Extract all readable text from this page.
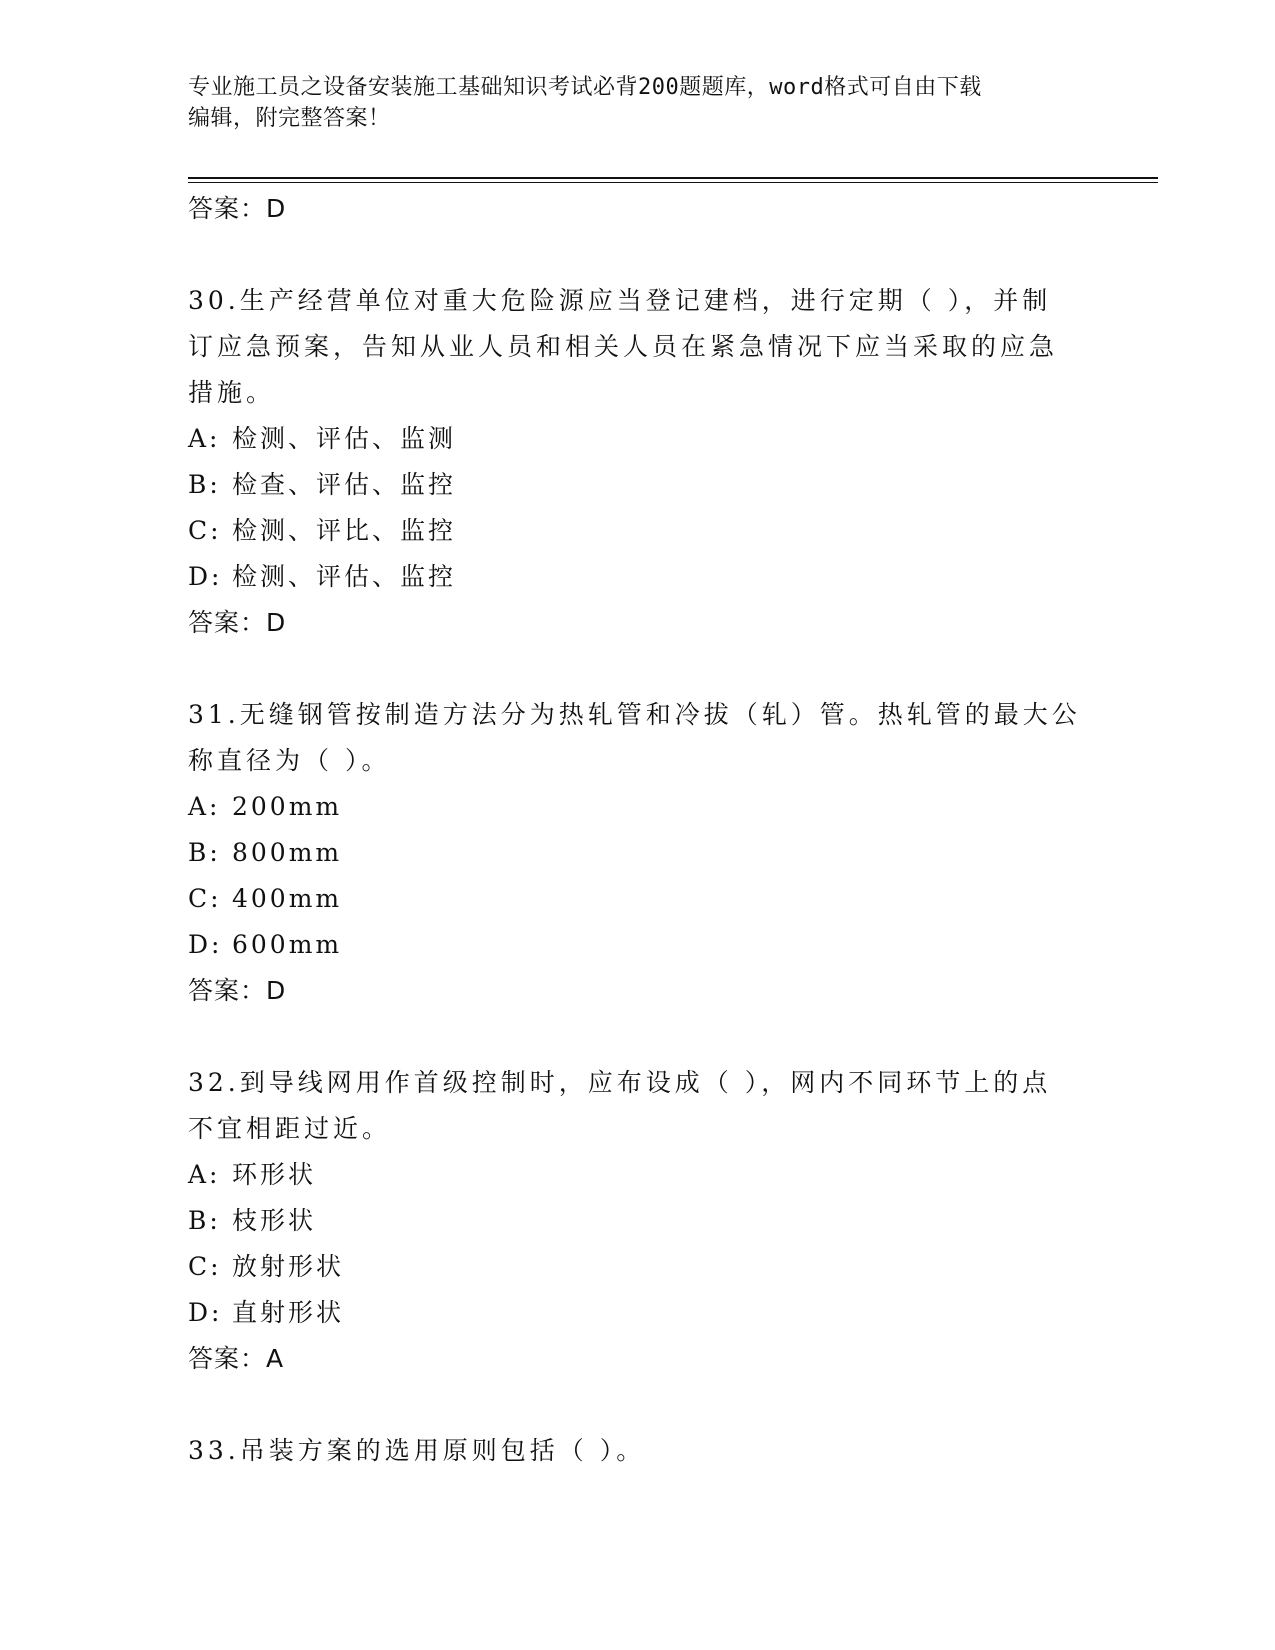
专业施工员之设备安装施工基础知识考试必背200题题库，word格式可自由下载
编辑，附完整答案！

答案：D

30.生产经营单位对重大危险源应当登记建档，进行定期（ ），并制

订应急预案，告知从业人员和相关人员在紧急情况下应当采取的应急

措施。

A: 检测、评估、监测

B: 检查、评估、监控

C: 检测、评比、监控

D: 检测、评估、监控

答案：D

31.无缝钢管按制造方法分为热轧管和冷拔（轧）管。热轧管的最大公

称直径为（ ）。

A: 200mm

B: 800mm

C: 400mm

D: 600mm

答案：D

32.到导线网用作首级控制时，应布设成（ ），网内不同环节上的点

不宜相距过近。

A: 环形状

B: 枝形状

C: 放射形状

D: 直射形状

答案：A

33.吊装方案的选用原则包括（ ）。
